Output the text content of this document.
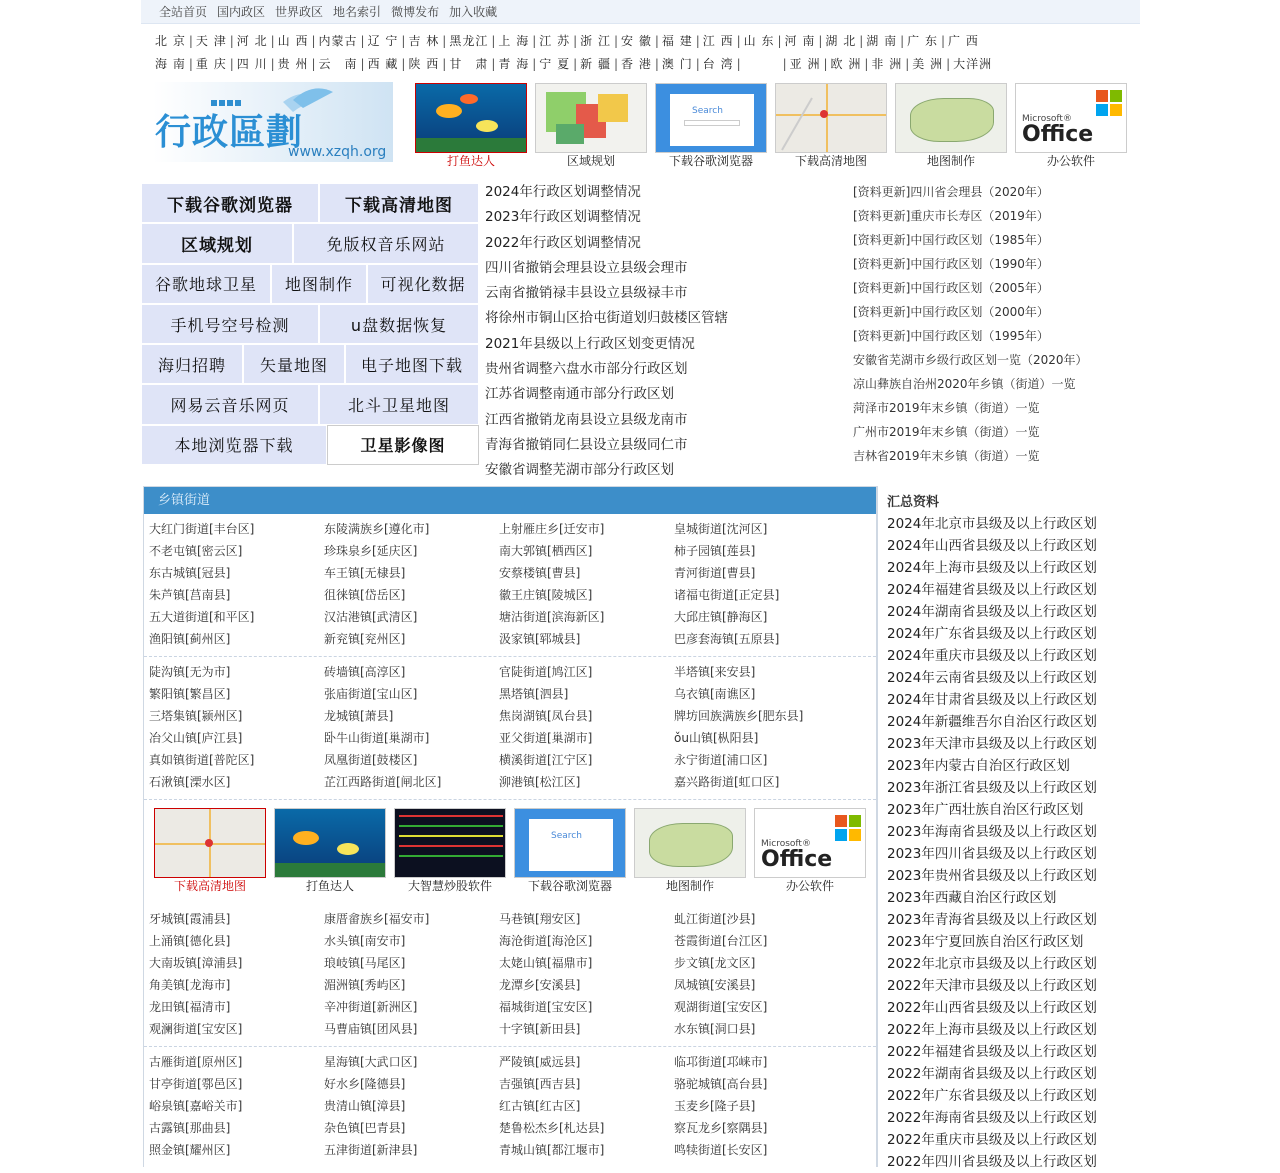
全站首页 国内政区 世界政区 地名索引 微博发布 加入收藏
北 京 | 天 津 | 河 北 | 山 西 | 内蒙古 | 辽 宁 | 吉 林 | 黑龙江 | 上 海 | 江 苏 | 浙 江 | 安 徽 | 福 建 | 江 西 | 山 东 | 河 南 | 湖 北 | 湖 南 | 广 东 | 广 西
海 南 | 重 庆 | 四 川 | 贵 州 | 云　南 | 西 藏 | 陕 西 | 甘　肃 | 青 海 | 宁 夏 | 新 疆 | 香 港 | 澳 门 | 台 湾 |	| 亚 洲 | 欧 洲 | 非 洲 | 美 洲 | 大洋洲
行政區劃
www.xzqh.org
打鱼达人	区域规划
Search
下载谷歌浏览器	下载高清地图	地图制作
Microsoft®
Office
办公软件
下载谷歌浏览器	下载高清地图
区域规划	免版权音乐网站
谷歌地球卫星	地图制作	可视化数据
手机号空号检测	u盘数据恢复
海归招聘	矢量地图	电子地图下载
网易云音乐网页	北斗卫星地图
本地浏览器下载	卫星影像图
2024年行政区划调整情况
2023年行政区划调整情况
2022年行政区划调整情况
四川省撤销会理县设立县级会理市
云南省撤销禄丰县设立县级禄丰市
将徐州市铜山区拾屯街道划归鼓楼区管辖
2021年县级以上行政区划变更情况
贵州省调整六盘水市部分行政区划
江苏省调整南通市部分行政区划
江西省撤销龙南县设立县级龙南市
青海省撤销同仁县设立县级同仁市
安徽省调整芜湖市部分行政区划
[资料更新]四川省会理县（2020年）
[资料更新]重庆市长寿区（2019年）
[资料更新]中国行政区划（1985年）
[资料更新]中国行政区划（1990年）
[资料更新]中国行政区划（2005年）
[资料更新]中国行政区划（2000年）
[资料更新]中国行政区划（1995年）
安徽省芜湖市乡级行政区划一览（2020年）
凉山彝族自治州2020年乡镇（街道）一览
菏泽市2019年末乡镇（街道）一览
广州市2019年末乡镇（街道）一览
吉林省2019年末乡镇（街道）一览
乡镇街道
大红门街道[丰台区]	东陵满族乡[遵化市]	上射雁庄乡[迁安市]	皇城街道[沈河区]
不老屯镇[密云区]	珍珠泉乡[延庆区]	南大郭镇[栖西区]	柿子园镇[莲县]
东古城镇[冠县]	车王镇[无棣县]	安蔡楼镇[曹县]	青河街道[曹县]
朱芦镇[莒南县]	徂徕镇[岱岳区]	徽王庄镇[陵城区]	诸福屯街道[正定县]
五大道街道[和平区]	汉沽港镇[武清区]	塘沽街道[滨海新区]	大邱庄镇[静海区]
渔阳镇[蓟州区]	新兖镇[兖州区]	汲家镇[郓城县]	巴彦套海镇[五原县]
陡沟镇[无为市]	砖墙镇[高淳区]	官陡街道[鸠江区]	半塔镇[来安县]
繁阳镇[繁昌区]	张庙街道[宝山区]	黑塔镇[泗县]	乌衣镇[南谯区]
三塔集镇[颍州区]	龙城镇[萧县]	焦岗湖镇[凤台县]	牌坊回族满族乡[肥东县]
冶父山镇[庐江县]	卧牛山街道[巢湖市]	亚父街道[巢湖市]	ǒu山镇[枞阳县]
真如镇街道[普陀区]	凤凰街道[鼓楼区]	横溪街道[江宁区]	永宁街道[浦口区]
石湫镇[溧水区]	芷江西路街道[闸北区]	泖港镇[松江区]	嘉兴路街道[虹口区]
下载高清地图	打鱼达人	大智慧炒股软件
Search
下载谷歌浏览器	地图制作
Microsoft®
Office
办公软件
牙城镇[霞浦县]	康厝畲族乡[福安市]	马巷镇[翔安区]	虬江街道[沙县]
上涌镇[德化县]	水头镇[南安市]	海沧街道[海沧区]	苍霞街道[台江区]
大南坂镇[漳浦县]	琅岐镇[马尾区]	太姥山镇[福鼎市]	步文镇[龙文区]
角美镇[龙海市]	湄洲镇[秀屿区]	龙潭乡[安溪县]	凤城镇[安溪县]
龙田镇[福清市]	辛冲街道[新洲区]	福城街道[宝安区]	观湖街道[宝安区]
观澜街道[宝安区]	马曹庙镇[团风县]	十字镇[新田县]	水东镇[洞口县]
古雁街道[原州区]	星海镇[大武口区]	严陵镇[威远县]	临邛街道[邛崃市]
甘亭街道[鄠邑区]	好水乡[隆德县]	吉强镇[西吉县]	骆驼城镇[高台县]
峪泉镇[嘉峪关市]	贵清山镇[漳县]	红古镇[红古区]	玉麦乡[隆子县]
古露镇[那曲县]	杂色镇[巴青县]	楚鲁松杰乡[札达县]	察瓦龙乡[察隅县]
照金镇[耀州区]	五津街道[新津县]	青城山镇[都江堰市]	鸣犊街道[长安区]
汇总资料
2024年北京市县级及以上行政区划
2024年山西省县级及以上行政区划
2024年上海市县级及以上行政区划
2024年福建省县级及以上行政区划
2024年湖南省县级及以上行政区划
2024年广东省县级及以上行政区划
2024年重庆市县级及以上行政区划
2024年云南省县级及以上行政区划
2024年甘肃省县级及以上行政区划
2024年新疆维吾尔自治区行政区划
2023年天津市县级及以上行政区划
2023年内蒙古自治区行政区划
2023年浙江省县级及以上行政区划
2023年广西壮族自治区行政区划
2023年海南省县级及以上行政区划
2023年四川省县级及以上行政区划
2023年贵州省县级及以上行政区划
2023年西藏自治区行政区划
2023年青海省县级及以上行政区划
2023年宁夏回族自治区行政区划
2022年北京市县级及以上行政区划
2022年天津市县级及以上行政区划
2022年山西省县级及以上行政区划
2022年上海市县级及以上行政区划
2022年福建省县级及以上行政区划
2022年湖南省县级及以上行政区划
2022年广东省县级及以上行政区划
2022年海南省县级及以上行政区划
2022年重庆市县级及以上行政区划
2022年四川省县级及以上行政区划
